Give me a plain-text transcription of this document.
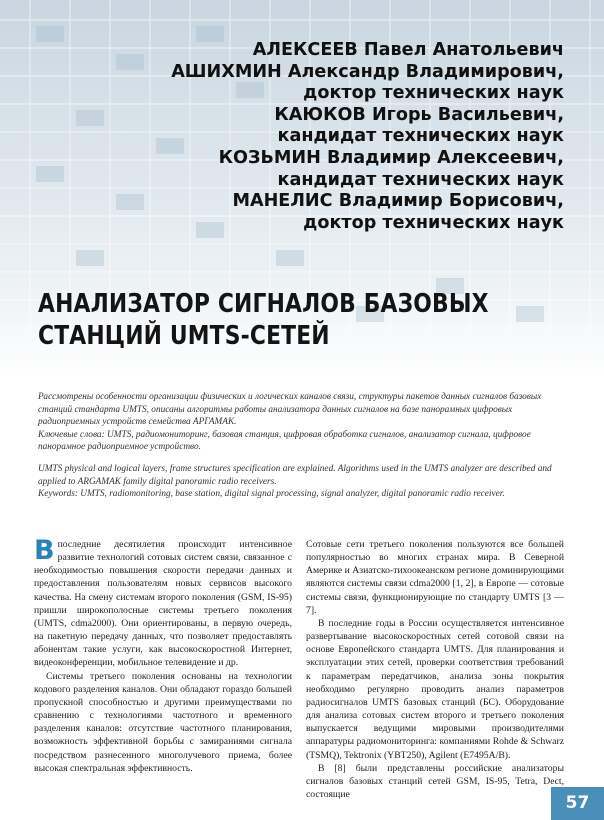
АЛЕКСЕЕВ Павел Анатольевич
АШИХМИН Александр Владимирович,
доктор технических наук
КАЮКОВ Игорь Васильевич,
кандидат технических наук
КОЗЬМИН Владимир Алексеевич,
кандидат технических наук
МАНЕЛИС Владимир Борисович,
доктор технических наук
АНАЛИЗАТОР СИГНАЛОВ БАЗОВЫХ
СТАНЦИЙ UMTS-СЕТЕЙ
Рассмотрены особенности организации физических и логических каналов связи, структуры пакетов данных сигналов базовых станций стандарта UMTS, описаны алгоритмы работы анализатора данных сигналов на базе панорамных цифровых радиоприемных устройств семейства АРГАМАК.
Ключевые слова: UMTS, радиомониторинг, базовая станция, цифровая обработка сигналов, анализатор сигнала, цифровое панорамное радиоприемное устройство.
UMTS physical and logical layers, frame structures specification are explained. Algorithms used in the UMTS analyzer are described and applied to ARGAMAK family digital panoramic radio receivers.
Keywords: UMTS, radiomonitoring, base station, digital signal processing, signal analyzer, digital panoramic radio receiver.

Впоследние десятилетия происходит интенсивное развитие технологий сотовых систем связи, связанное с необходимостью повышения скорости передачи данных и предоставления пользователям новых сервисов высокого качества. На смену системам второго поколения (GSM, IS-95) пришли широкополосные системы третьего поколения (UMTS, cdma2000). Они ориентированы, в первую очередь, на пакетную передачу данных, что позволяет предоставлять абонентам такие услуги, как высокоскоростной Интернет, видеоконференции, мобильное телевидение и др.

Системы третьего поколения основаны на технологии кодового разделения каналов. Они обладают гораздо большей пропускной способностью и другими преимуществами по сравнению с технологиями частотного и временного разделения каналов: отсутствие частотного планирования, возможность эффективной борьбы с замираниями сигнала посредством разнесенного многолучевого приема, более высокая спектральная эффективность.

Сотовые сети третьего поколения пользуются все большей популярностью во многих странах мира. В Северной Америке и Азиатско-тихоокеанском регионе доминирующими являются системы связи cdma2000 [1, 2], в Европе — сотовые системы связи, функционирующие по стандарту UMTS [3 — 7].

В последние годы в России осуществляется интенсивное развертывание высокоскоростных сетей сотовой связи на основе Европейского стандарта UMTS. Для планирования и эксплуатации этих сетей, проверки соответствия требований к параметрам передатчиков, анализа зоны покрытия необходимо регулярно проводить анализ параметров радиосигналов UMTS базовых станций (БС). Оборудование для анализа сотовых систем второго и третьего поколения выпускается ведущими мировыми производителями аппаратуры радиомониторинга: компаниями Rohde & Schwarz (TSMQ), Tektronix (YBT250), Agilent (E7495A/B).

В [8] были представлены российские анализаторы сигналов базовых станций сетей GSM, IS-95, Tetra, Dect, состоящие	57
